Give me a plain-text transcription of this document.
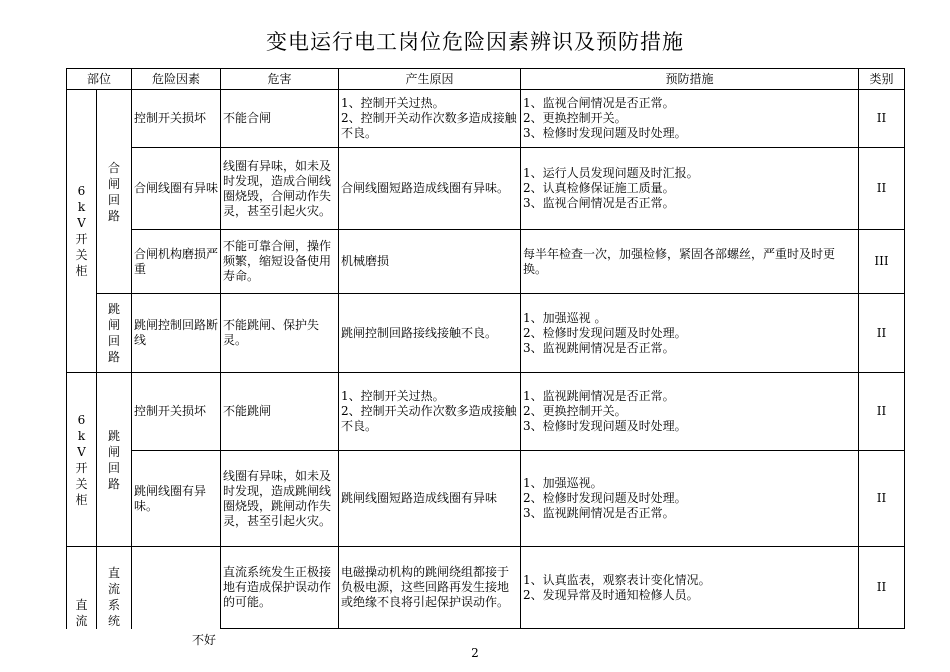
变电运行电工岗位危险因素辨识及预防措施
部位		危险因素	危害	产生原因	预防措施	类别

6kV开关柜	合闸回路	控制开关损坏	不能合闸	1、控制开关过热。
2、控制开关动作次数多造成接触不良。	1、监视合闸情况是否正常。
2、更换控制开关。
3、检修时发现问题及时处理。	II
		合闸线圈有异味	线圈有异味，如未及时发现，造成合闸线圈烧毁，合闸动作失灵，甚至引起火灾。	合闸线圈短路造成线圈有异味。	1、运行人员发现问题及时汇报。
2、认真检修保证施工质量。
3、监视合闸情况是否正常。	II
		合闸机构磨损严重	不能可靠合闸，操作频繁，缩短设备使用寿命。	机械磨损	每半年检查一次，加强检修，紧固各部螺丝，严重时及时更换。	III

	跳闸回路	跳闸控制回路断线	不能跳闸、保护失灵。	跳闸控制回路接线接触不良。	1、加强巡视 。
2、检修时发现问题及时处理。
3、监视跳闸情况是否正常。	II

6kV开关柜	跳闸回路	控制开关损坏	不能跳闸	1、控制开关过热。
2、控制开关动作次数多造成接触不良。	1、监视跳闸情况是否正常。
2、更换控制开关。
3、检修时发现问题及时处理。	II
		跳闸线圈有异味。	线圈有异味，如未及时发现，造成跳闸线圈烧毁，跳闸动作失灵，甚至引起火灾。	跳闸线圈短路造成线圈有异味	1、加强巡视。
2、检修时发现问题及时处理。
3、监视跳闸情况是否正常。	II

直流	直流系统		直流系统发生正极接地有造成保护误动作的可能。	电磁操动机构的跳闸绕组都接于负极电源，这些回路再发生接地或绝缘不良将引起保护误动作。	1、认真监表，观察表计变化情况。
2、发现异常及时通知检修人员。	II
不好
2
